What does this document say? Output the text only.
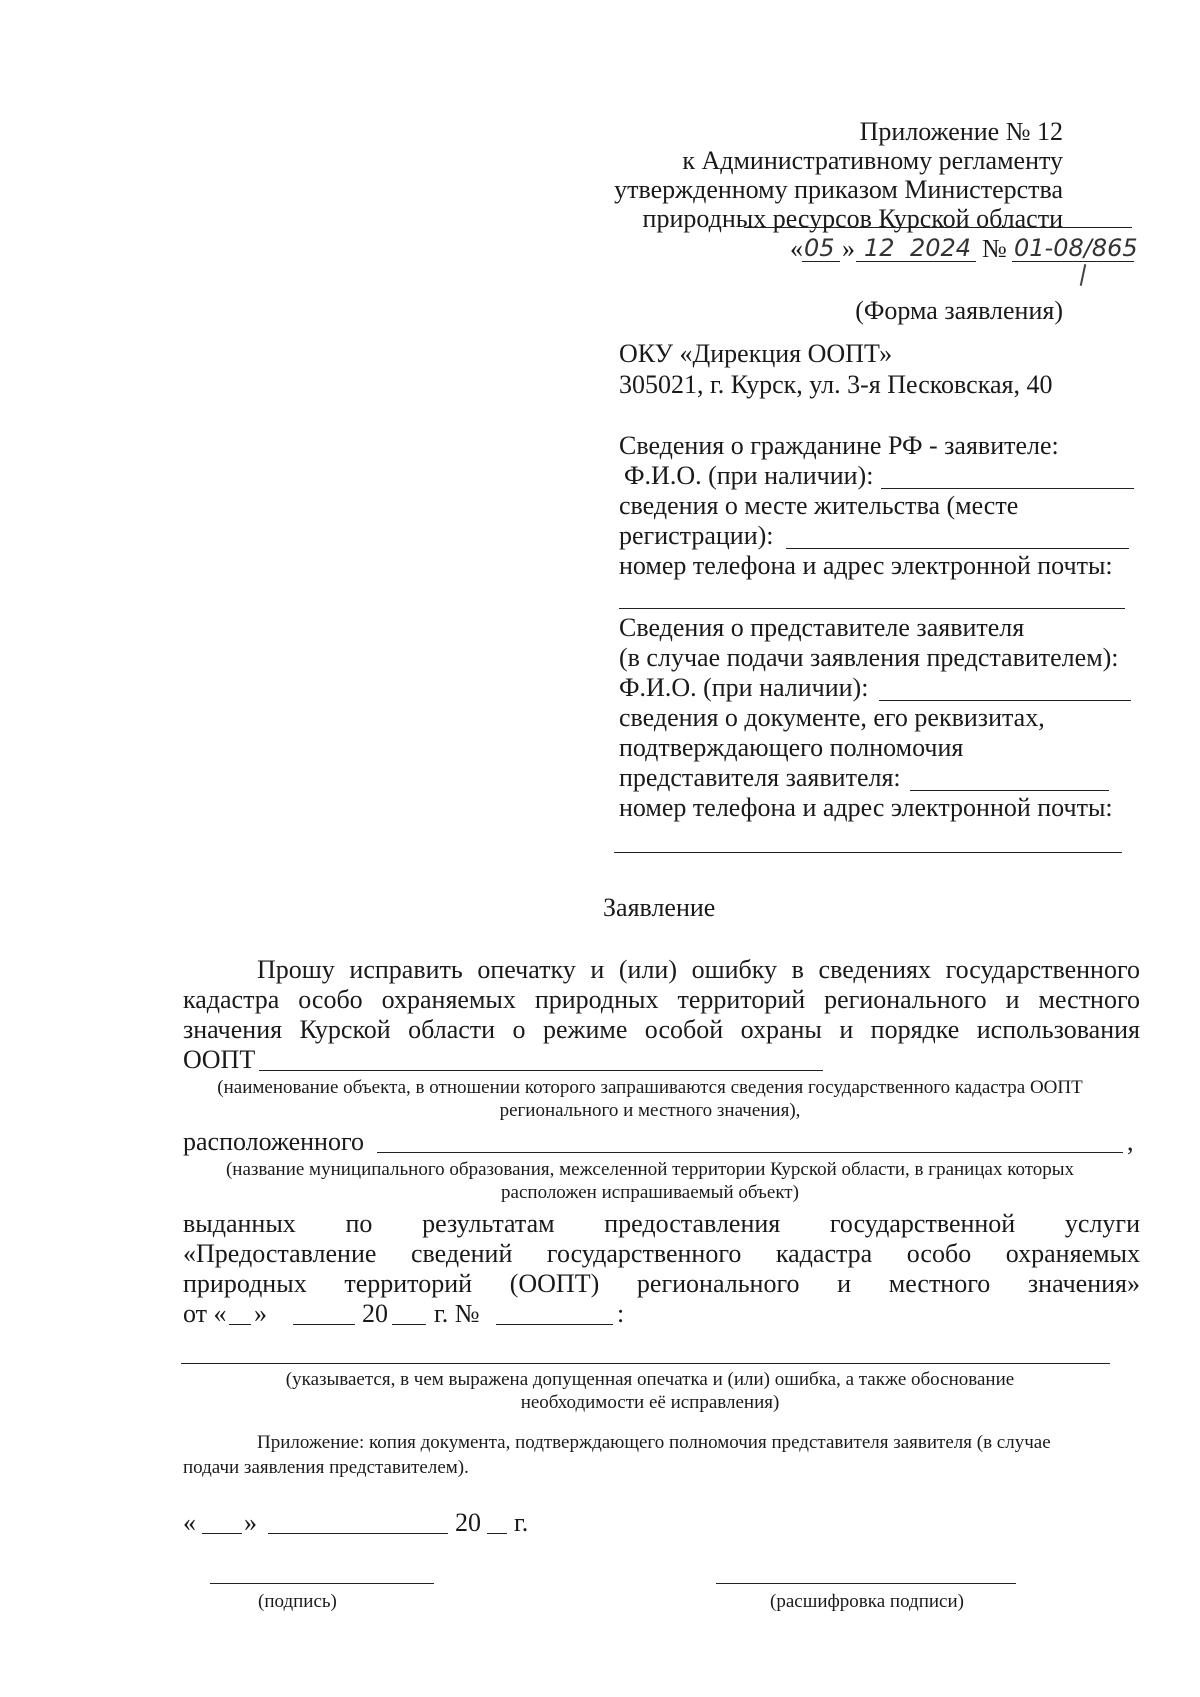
Приложение № 12
к Административному регламенту
утвержденному приказом Министерства
природных ресурсов Курской области
« 05 » 12 2024 № 01-08/865
(Форма заявления)
ОКУ «Дирекция ООПТ»
305021, г. Курск, ул. 3-я Песковская, 40
Сведения о гражданине РФ - заявителе:
Ф.И.О. (при наличии):
сведения о месте жительства (месте
регистрации):
номер телефона и адрес электронной почты:
Сведения о представителе заявителя
(в случае подачи заявления представителем):
Ф.И.О. (при наличии):
сведения о документе, его реквизитах,
подтверждающего полномочия
представителя заявителя:
номер телефона и адрес электронной почты:
Заявление
Прошу исправить опечатку и (или) ошибку в сведениях государственного
кадастра особо охраняемых природных территорий регионального и местного
значения Курской области о режиме особой охраны и порядке использования
ООПТ
(наименование объекта, в отношении которого запрашиваются сведения государственного кадастра ООПТ
регионального и местного значения),
расположенного	,
(название муниципального образования, межселенной территории Курской области, в границах которых
расположен испрашиваемый объект)
выданных по результатам предоставления государственной услуги
«Предоставление сведений государственного кадастра особо охраняемых
природных территорий (ООПТ) регионального и местного значения»
от « »	20 г. №	:
(указывается, в чем выражена допущенная опечатка и (или) ошибка, а также обоснование
необходимости её исправления)
Приложение: копия документа, подтверждающего полномочия представителя заявителя (в случае
подачи заявления представителем).
« »	20 г.
(подпись)	(расшифровка подписи)
